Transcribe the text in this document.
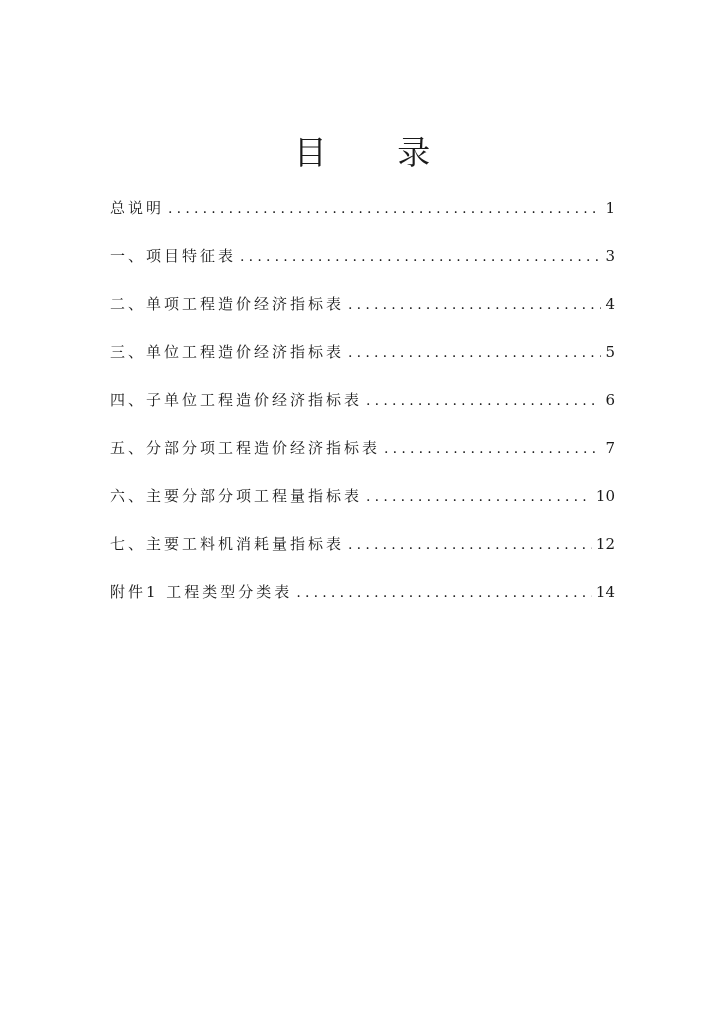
目 录
总说明 .....	1
一、项目特征表 .....	3
二、单项工程造价经济指标表 .....	4
三、单位工程造价经济指标表 .....	5
四、子单位工程造价经济指标表 .....	6
五、分部分项工程造价经济指标表 .....	7
六、主要分部分项工程量指标表 .....	10
七、主要工料机消耗量指标表 .....	12
附件1 工程类型分类表 .....	14
